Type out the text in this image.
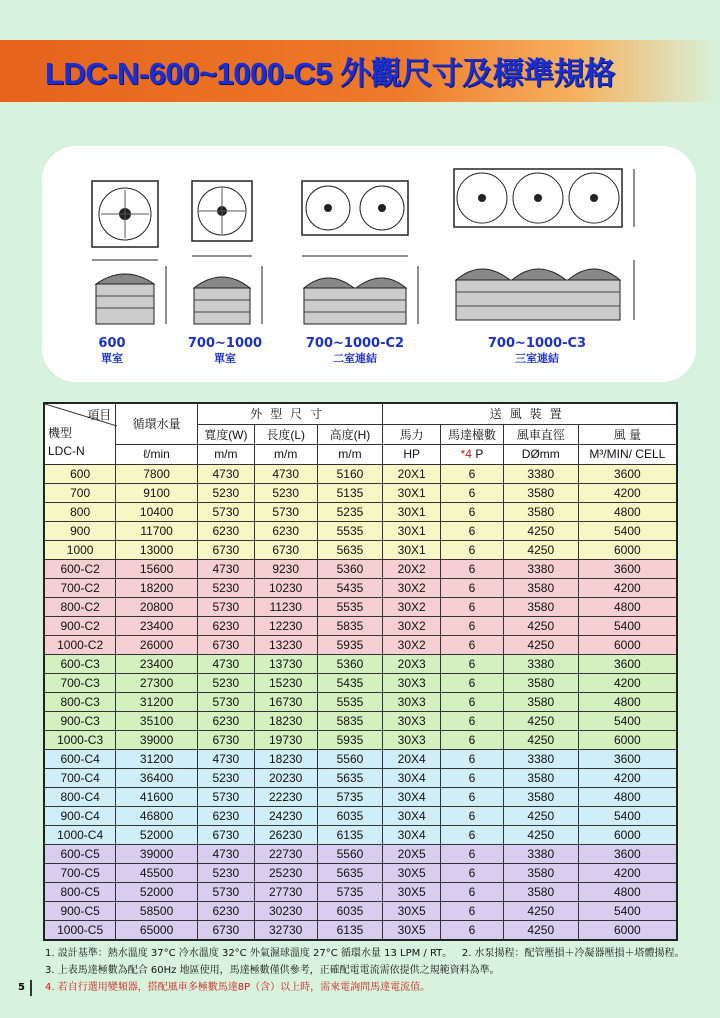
LDC-N-600~1000-C5 外觀尺寸及標準規格
600
單室
700~1000
單室
700~1000-C2
二室連結
700~1000-C3
三室連結
項目
機型
LDC-N	循環水量	外型尺寸			送風裝置			
		寬度(W)	長度(L)	高度(H)	馬力	馬達檯數	風車直徑	風 量
	ℓ/min	m/m	m/m	m/m	HP	*4 P	DØmm	M³/MIN/ CELL
600	7800	4730	4730	5160	20X1	6	3380	3600
700	9100	5230	5230	5135	30X1	6	3580	4200
800	10400	5730	5730	5235	30X1	6	3580	4800
900	11700	6230	6230	5535	30X1	6	4250	5400
1000	13000	6730	6730	5635	30X1	6	4250	6000
600-C2	15600	4730	9230	5360	20X2	6	3380	3600
700-C2	18200	5230	10230	5435	30X2	6	3580	4200
800-C2	20800	5730	11230	5535	30X2	6	3580	4800
900-C2	23400	6230	12230	5835	30X2	6	4250	5400
1000-C2	26000	6730	13230	5935	30X2	6	4250	6000
600-C3	23400	4730	13730	5360	20X3	6	3380	3600
700-C3	27300	5230	15230	5435	30X3	6	3580	4200
800-C3	31200	5730	16730	5535	30X3	6	3580	4800
900-C3	35100	6230	18230	5835	30X3	6	4250	5400
1000-C3	39000	6730	19730	5935	30X3	6	4250	6000
600-C4	31200	4730	18230	5560	20X4	6	3380	3600
700-C4	36400	5230	20230	5635	30X4	6	3580	4200
800-C4	41600	5730	22230	5735	30X4	6	3580	4800
900-C4	46800	6230	24230	6035	30X4	6	4250	5400
1000-C4	52000	6730	26230	6135	30X4	6	4250	6000
600-C5	39000	4730	22730	5560	20X5	6	3380	3600
700-C5	45500	5230	25230	5635	30X5	6	3580	4200
800-C5	52000	5730	27730	5735	30X5	6	3580	4800
900-C5	58500	6230	30230	6035	30X5	6	4250	5400
1000-C5	65000	6730	32730	6135	30X5	6	4250	6000
1. 設計基準：熱水溫度 37°C 冷水溫度 32°C 外氣濕球溫度 27°C 循環水量 13 LPM / RT。 2. 水泵揚程：配管壓損＋冷凝器壓損＋塔體揚程。
3. 上表馬達極數為配合 60Hz 地區使用，馬達極數僅供參考，正確配電電流需依提供之規範資料為準。
4. 若自行選用變頻器，搭配風車多極數馬達8P（含）以上時，需來電詢問馬達電流值。
5
